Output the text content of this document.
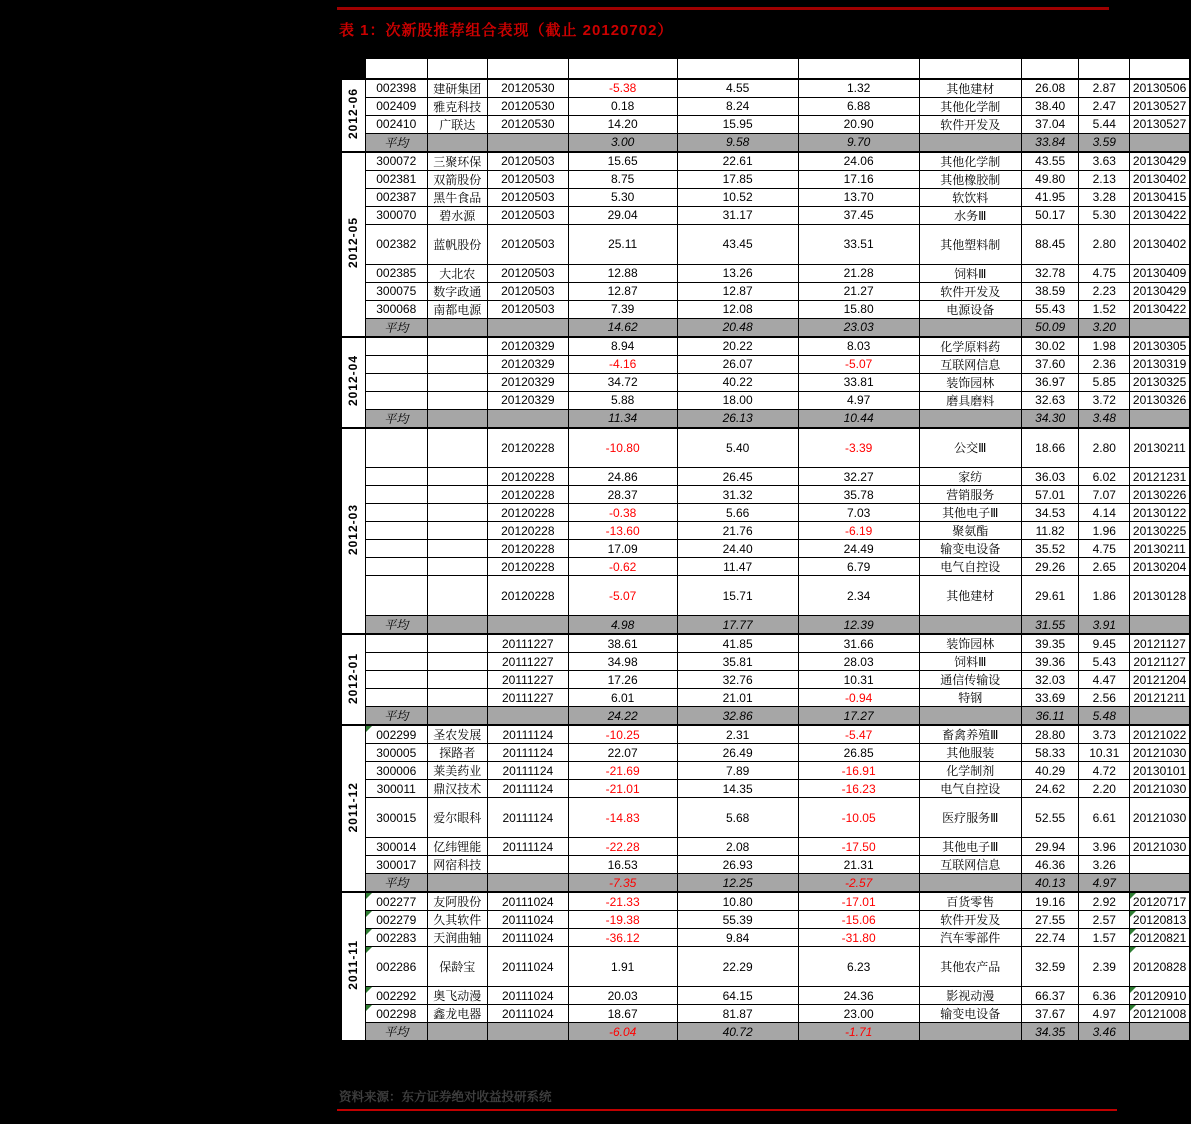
表 1：次新股推荐组合表现（截止 20120702）
	交易代码	简称	推荐日	推荐至今涨 跌幅(%)	推荐至今最高涨 幅(%)	推荐至今超 额收益(%)	申万三级 行业名称	PE_TTM	PB	解禁日
2012-06	002398	建研集团	20120530	-5.38	4.55	1.32	其他建材	26.08	2.87	20130506
	002409	雅克科技	20120530	0.18	8.24	6.88	其他化学制	38.40	2.47	20130527
	002410	广联达	20120530	14.20	15.95	20.90	软件开发及	37.04	5.44	20130527
	平均			3.00	9.58	9.70		33.84	3.59	
2012-05	300072	三聚环保	20120503	15.65	22.61	24.06	其他化学制	43.55	3.63	20130429
	002381	双箭股份	20120503	8.75	17.85	17.16	其他橡胶制	49.80	2.13	20130402
	002387	黑牛食品	20120503	5.30	10.52	13.70	软饮料	41.95	3.28	20130415
	300070	碧水源	20120503	29.04	31.17	37.45	水务Ⅲ	50.17	5.30	20130422
	002382	蓝帆股份	20120503	25.11	43.45	33.51	其他塑料制	88.45	2.80	20130402
	002385	大北农	20120503	12.88	13.26	21.28	饲料Ⅲ	32.78	4.75	20130409
	300075	数字政通	20120503	12.87	12.87	21.27	软件开发及	38.59	2.23	20130429
	300068	南都电源	20120503	7.39	12.08	15.80	电源设备	55.43	1.52	20130422
	平均			14.62	20.48	23.03		50.09	3.20	
2012-04			20120329	8.94	20.22	8.03	化学原料药	30.02	1.98	20130305
			20120329	-4.16	26.07	-5.07	互联网信息	37.60	2.36	20130319
			20120329	34.72	40.22	33.81	装饰园林	36.97	5.85	20130325
			20120329	5.88	18.00	4.97	磨具磨料	32.63	3.72	20130326
	平均			11.34	26.13	10.44		34.30	3.48	
2012-03			20120228	-10.80	5.40	-3.39	公交Ⅲ	18.66	2.80	20130211
			20120228	24.86	26.45	32.27	家纺	36.03	6.02	20121231
			20120228	28.37	31.32	35.78	营销服务	57.01	7.07	20130226
			20120228	-0.38	5.66	7.03	其他电子Ⅲ	34.53	4.14	20130122
			20120228	-13.60	21.76	-6.19	聚氨酯	11.82	1.96	20130225
			20120228	17.09	24.40	24.49	输变电设备	35.52	4.75	20130211
			20120228	-0.62	11.47	6.79	电气自控设	29.26	2.65	20130204
			20120228	-5.07	15.71	2.34	其他建材	29.61	1.86	20130128
	平均			4.98	17.77	12.39		31.55	3.91	
2012-01			20111227	38.61	41.85	31.66	装饰园林	39.35	9.45	20121127
			20111227	34.98	35.81	28.03	饲料Ⅲ	39.36	5.43	20121127
			20111227	17.26	32.76	10.31	通信传输设	32.03	4.47	20121204
			20111227	6.01	21.01	-0.94	特钢	33.69	2.56	20121211
	平均			24.22	32.86	17.27		36.11	5.48	
2011-12	002299	圣农发展	20111124	-10.25	2.31	-5.47	畜禽养殖Ⅲ	28.80	3.73	20121022
	300005	探路者	20111124	22.07	26.49	26.85	其他服装	58.33	10.31	20121030
	300006	莱美药业	20111124	-21.69	7.89	-16.91	化学制剂	40.29	4.72	20130101
	300011	鼎汉技术	20111124	-21.01	14.35	-16.23	电气自控设	24.62	2.20	20121030
	300015	爱尔眼科	20111124	-14.83	5.68	-10.05	医疗服务Ⅲ	52.55	6.61	20121030
	300014	亿纬锂能	20111124	-22.28	2.08	-17.50	其他电子Ⅲ	29.94	3.96	20121030
	300017	网宿科技		16.53	26.93	21.31	互联网信息	46.36	3.26	
	平均			-7.35	12.25	-2.57		40.13	4.97	
2011-11	002277	友阿股份	20111024	-21.33	10.80	-17.01	百货零售	19.16	2.92	20120717
	002279	久其软件	20111024	-19.38	55.39	-15.06	软件开发及	27.55	2.57	20120813
	002283	天润曲轴	20111024	-36.12	9.84	-31.80	汽车零部件	22.74	1.57	20120821
	002286	保龄宝	20111024	1.91	22.29	6.23	其他农产品	32.59	2.39	20120828
	002292	奥飞动漫	20111024	20.03	64.15	24.36	影视动漫	66.37	6.36	20120910
	002298	鑫龙电器	20111024	18.67	81.87	23.00	输变电设备	37.67	4.97	20121008
	平均			-6.04	40.72	-1.71		34.35	3.46	
资料来源：东方证券绝对收益投研系统
